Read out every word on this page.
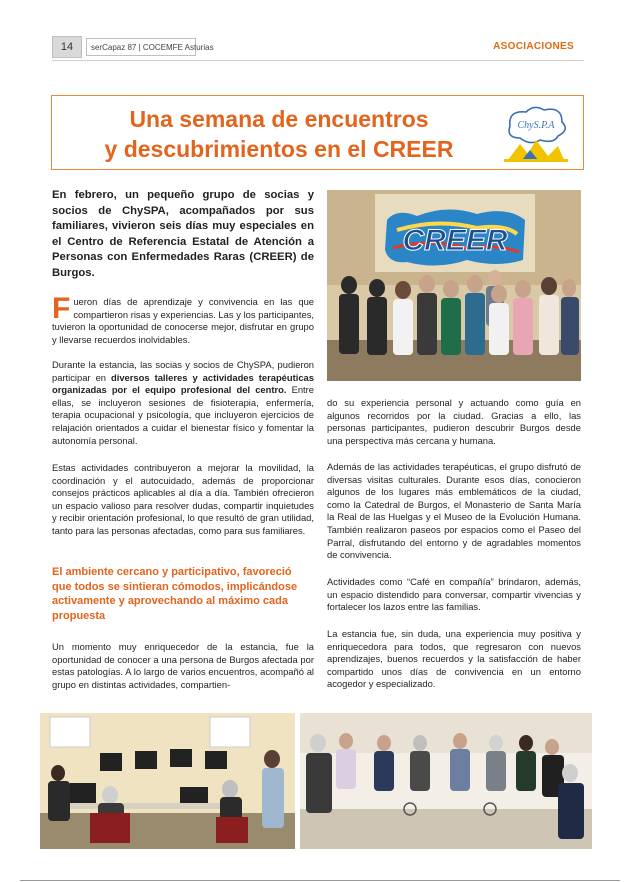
14	serCapaz 87 | COCEMFE Asturias	ASOCIACIONES
Una semana de encuentros
y descubrimientos en el CREER
ChyS.P.A
En febrero, un pequeño grupo de socias y socios de ChySPA, acompañados por sus familiares, vivieron seis días muy especiales en el Centro de Referencia Estatal de Atención a Personas con Enfermedades Raras (CREER) de Burgos.
Fueron días de aprendizaje y convivencia en las que compartieron risas y experiencias. Las y los participantes, tuvieron la oportunidad de conocerse mejor, disfrutar en grupo y llevarse recuerdos inolvidables.
Durante la estancia, las socias y socios de ChySPA, pudieron participar en diversos talleres y actividades terapéuticas organizadas por el equipo profesional del centro. Entre ellas, se incluyeron sesiones de fisioterapia, enfermería, terapia ocupacional y psicología, que incluyeron ejercicios de relajación orientados a cuidar el bienestar físico y fomentar la autonomía personal.
Estas actividades contribuyeron a mejorar la movilidad, la coordinación y el autocuidado, además de proporcionar consejos prácticos aplicables al día a día. También ofrecieron un espacio valioso para resolver dudas, compartir inquietudes y recibir orientación profesional, lo que resultó de gran utilidad, tanto para las personas afectadas, como para sus familiares.
El ambiente cercano y participativo, favoreció que todos se sintieran cómodos, implicándose activamente y aprovechando al máximo cada propuesta
Un momento muy enriquecedor de la estancia, fue la oportunidad de conocer a una persona de Burgos afectada por estas patologías. A lo largo de varios encuentros, acompañó al grupo en distintas actividades, compartien-
do su experiencia personal y actuando como guía en algunos recorridos por la ciudad. Gracias a ello, las personas participantes, pudieron descubrir Burgos desde una perspectiva más cercana y humana.
Además de las actividades terapéuticas, el grupo disfrutó de diversas visitas culturales. Durante esos días, conocieron algunos de los lugares más emblemáticos de la ciudad, como la Catedral de Burgos, el Monasterio de Santa María la Real de las Huelgas y el Museo de la Evolución Humana. También realizaron paseos por espacios como el Paseo del Parral, disfrutando del entorno y de agradables momentos de convivencia.
Actividades como “Café en compañía” brindaron, además, un espacio distendido para conversar, compartir vivencias y fortalecer los lazos entre las familias.
La estancia fue, sin duda, una experiencia muy positiva y enriquecedora para todos, que regresaron con nuevos aprendizajes, buenos recuerdos y la satisfacción de haber compartido unos días de convivencia en un entorno acogedor y especializado.
CREER
